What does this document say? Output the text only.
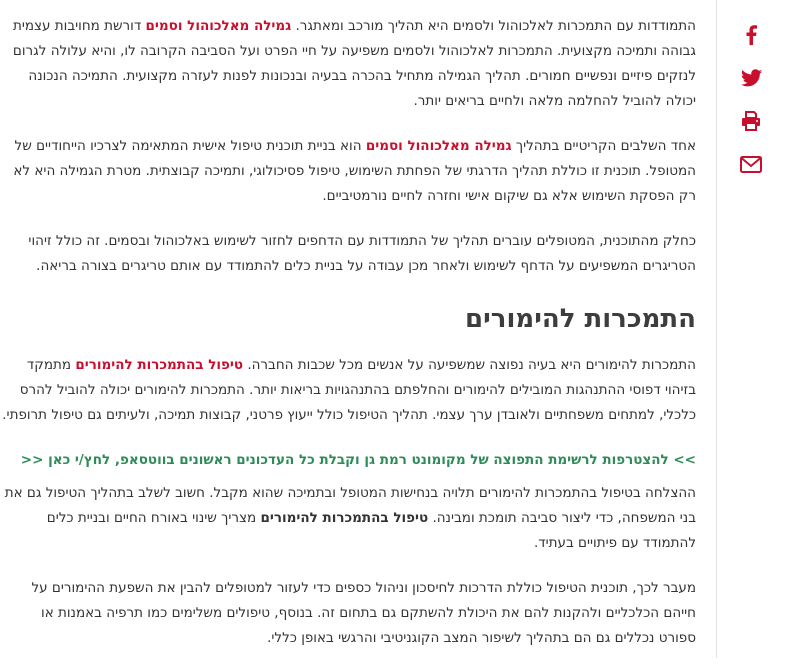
התמודדות עם התמכרות לאלכוהול ולסמים היא תהליך מורכב ומאתגר. גמילה מאלכוהול וסמים דורשת מחויבות עצמית גבוהה ותמיכה מקצועית. התמכרות לאלכוהול ולסמים משפיעה על חיי הפרט ועל הסביבה הקרובה לו, והיא עלולה לגרום לנזקים פיזיים ונפשיים חמורים. תהליך הגמילה מתחיל בהכרה בבעיה ובנכונות לפנות לעזרה מקצועית. התמיכה הנכונה יכולה להוביל להחלמה מלאה ולחיים בריאים יותר.

אחד השלבים הקריטיים בתהליך גמילה מאלכוהול וסמים הוא בניית תוכנית טיפול אישית המתאימה לצרכיו הייחודיים של המטופל. תוכנית זו כוללת תהליך הדרגתי של הפחתת השימוש, טיפול פסיכולוגי, ותמיכה קבוצתית. מטרת הגמילה היא לא רק הפסקת השימוש אלא גם שיקום אישי וחזרה לחיים נורמטיביים.

כחלק מהתוכנית, המטופלים עוברים תהליך של התמודדות עם הדחפים לחזור לשימוש באלכוהול ובסמים. זה כולל זיהוי הטריגרים המשפיעים על הדחף לשימוש ולאחר מכן עבודה על בניית כלים להתמודד עם אותם טריגרים בצורה בריאה.

התמכרות להימורים

התמכרות להימורים היא בעיה נפוצה שמשפיעה על אנשים מכל שכבות החברה. טיפול בהתמכרות להימורים מתמקד בזיהוי דפוסי ההתנהגות המובילים להימורים והחלפתם בהתנהגויות בריאות יותר. התמכרות להימורים יכולה להוביל להרס כלכלי, למתחים משפחתיים ולאובדן ערך עצמי. תהליך הטיפול כולל ייעוץ פרטני, קבוצות תמיכה, ולעיתים גם טיפול תרופתי.

>> להצטרפות לרשימת התפוצה של מקומונט רמת גן וקבלת כל העדכונים ראשונים בווטסאפ, לחץ/י כאן <<

ההצלחה בטיפול בהתמכרות להימורים תלויה בנחישות המטופל ובתמיכה שהוא מקבל. חשוב לשלב בתהליך הטיפול גם את בני המשפחה, כדי ליצור סביבה תומכת ומבינה. טיפול בהתמכרות להימורים מצריך שינוי באורח החיים ובניית כלים להתמודד עם פיתויים בעתיד.

מעבר לכך, תוכנית הטיפול כוללת הדרכות לחיסכון וניהול כספים כדי לעזור למטופלים להבין את השפעת ההימורים על חייהם הכלכליים ולהקנות להם את היכולת להשתקם גם בתחום זה. בנוסף, טיפולים משלימים כמו תרפיה באמנות או ספורט נכללים גם הם בתהליך לשיפור המצב הקוגניטיבי והרגשי באופן כללי.
